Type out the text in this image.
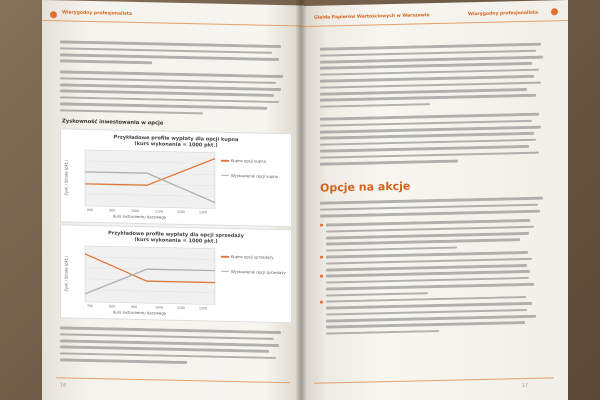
Wiarygodny profesjonalista
Zyskowność inwestowania w opcje
Przykładowe profile wypłaty dla opcji kupna
(kurs wykonania = 1000 pkt.)
800	900	1000	1100	1200	1300
Kupno opcji kupna
Wystawienie opcji kupna
Kurs instrumentu bazowego
Zysk / Strata (pkt.)
Przykładowe profile wypłaty dla opcji sprzedaży
(kurs wykonania = 1000 pkt.)
700	800	900	1000	1100	1200
Kupno opcji sprzedaży
Wystawienie opcji sprzedaży
Kurs instrumentu bazowego
Zysk / Strata (pkt.)
16
Giełda Papierów Wartościowych w Warszawie	Wiarygodny profesjonalista
Opcje na akcje
17
